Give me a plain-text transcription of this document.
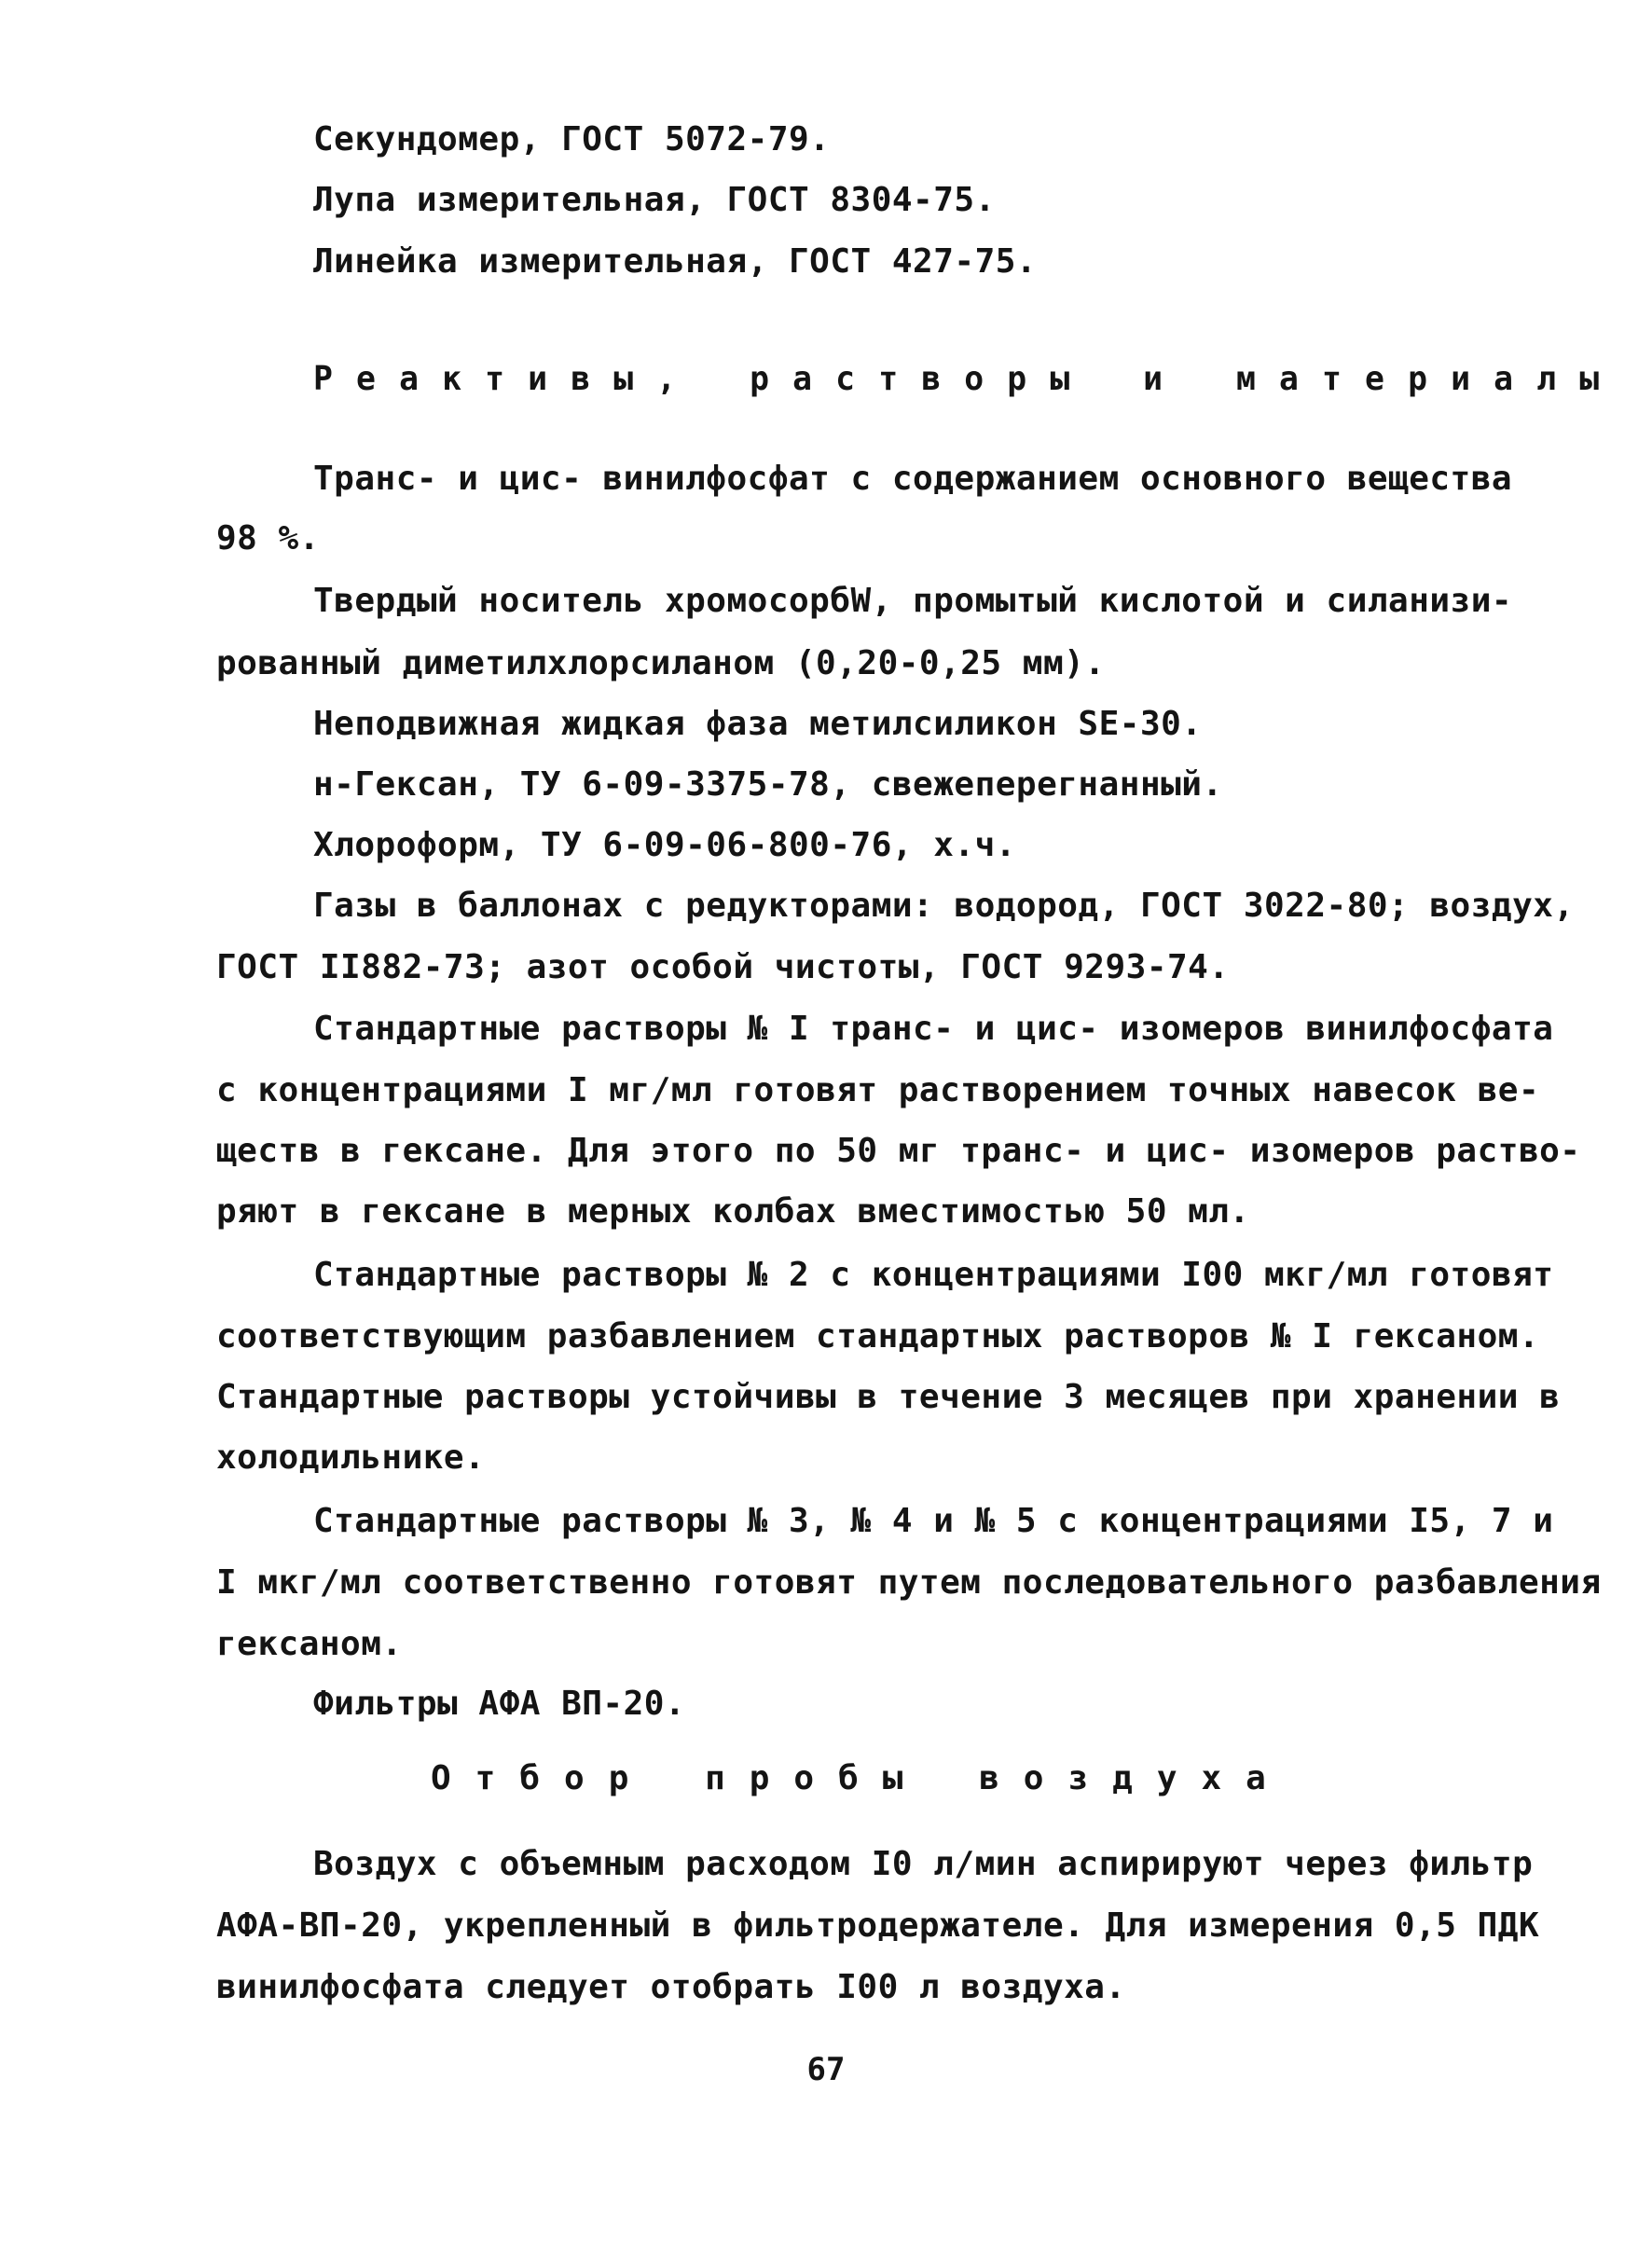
Секундомер, ГОСТ 5072-79.
Лупа измерительная, ГОСТ 8304-75.
Линейка измерительная, ГОСТ 427-75.
Реактивы, растворы и материалы
Транс- и цис- винилфосфат с содержанием основного вещества
98 %.
Твердый носитель хромосорбW, промытый кислотой и силанизи-
рованный диметилхлорсиланом (0,20-0,25 мм).
Неподвижная жидкая фаза метилсиликон SE-30.
н-Гексан, ТУ 6-09-3375-78, свежеперегнанный.
Хлороформ, ТУ 6-09-06-800-76, х.ч.
Газы в баллонах с редукторами: водород, ГОСТ 3022-80; воздух,
ГОСТ II882-73; азот особой чистоты, ГОСТ 9293-74.
Стандартные растворы № I транс- и цис- изомеров винилфосфата
с концентрациями I мг/мл готовят растворением точных навесок ве-
ществ в гексане. Для этого по 50 мг транс- и цис- изомеров раство-
ряют в гексане в мерных колбах вместимостью 50 мл.
Стандартные растворы № 2 с концентрациями I00 мкг/мл готовят
соответствующим разбавлением стандартных растворов № I гексаном.
Стандартные растворы устойчивы в течение 3 месяцев при хранении в
холодильнике.
Стандартные растворы № 3, № 4 и № 5 с концентрациями I5, 7 и
I мкг/мл соответственно готовят путем последовательного разбавления
гексаном.
Фильтры АФА ВП-20.
Отбор пробы воздуха
Воздух с объемным расходом I0 л/мин аспирируют через фильтр
АФА-ВП-20, укрепленный в фильтродержателе. Для измерения 0,5 ПДК
винилфосфата следует отобрать I00 л воздуха.
67
